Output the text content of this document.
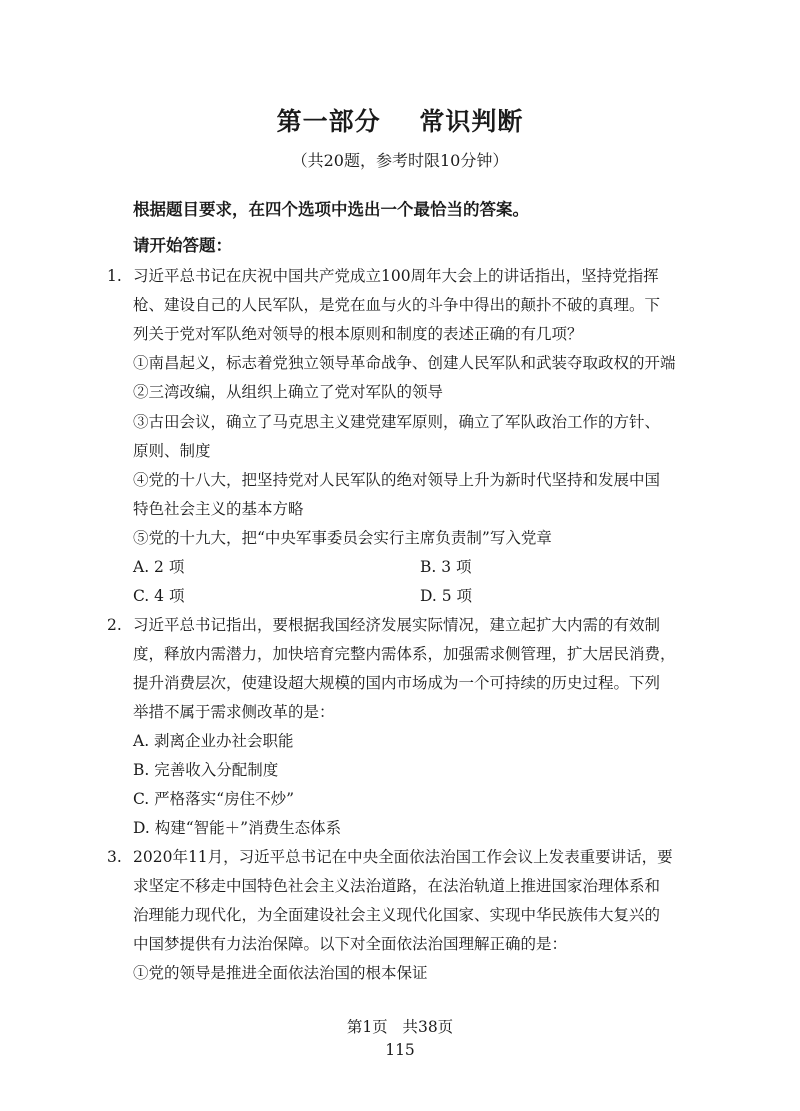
第一部分    常识判断
（共20题，参考时限10分钟）
根据题目要求，在四个选项中选出一个最恰当的答案。
请开始答题：
1. 习近平总书记在庆祝中国共产党成立100周年大会上的讲话指出，坚持党指挥
枪、建设自己的人民军队，是党在血与火的斗争中得出的颠扑不破的真理。下
列关于党对军队绝对领导的根本原则和制度的表述正确的有几项？
①南昌起义，标志着党独立领导革命战争、创建人民军队和武装夺取政权的开端
②三湾改编，从组织上确立了党对军队的领导
③古田会议，确立了马克思主义建党建军原则，确立了军队政治工作的方针、
原则、制度
④党的十八大，把坚持党对人民军队的绝对领导上升为新时代坚持和发展中国
特色社会主义的基本方略
⑤党的十九大，把“中央军事委员会实行主席负责制”写入党章
A. 2 项	B. 3 项
C. 4 项	D. 5 项
2. 习近平总书记指出，要根据我国经济发展实际情况，建立起扩大内需的有效制
度，释放内需潜力，加快培育完整内需体系，加强需求侧管理，扩大居民消费，
提升消费层次，使建设超大规模的国内市场成为一个可持续的历史过程。下列
举措不属于需求侧改革的是：
A. 剥离企业办社会职能
B. 完善收入分配制度
C. 严格落实“房住不炒”
D. 构建“智能＋”消费生态体系
3. 2020年11月，习近平总书记在中央全面依法治国工作会议上发表重要讲话，要
求坚定不移走中国特色社会主义法治道路，在法治轨道上推进国家治理体系和
治理能力现代化，为全面建设社会主义现代化国家、实现中华民族伟大复兴的
中国梦提供有力法治保障。以下对全面依法治国理解正确的是：
①党的领导是推进全面依法治国的根本保证
第1页   共38页
115
